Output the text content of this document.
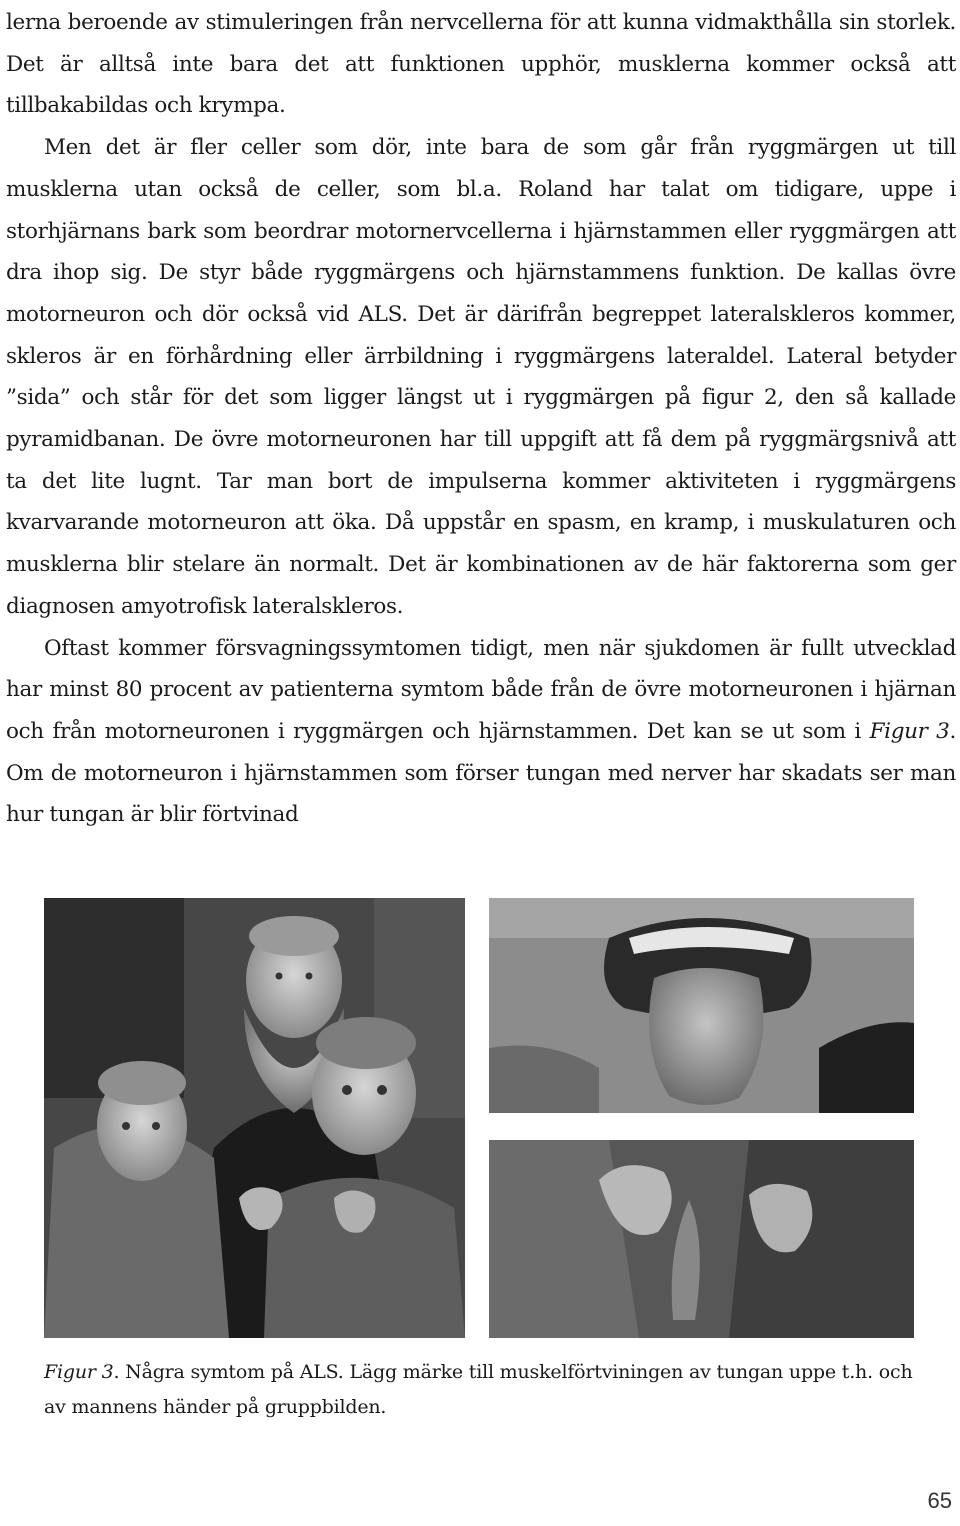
lerna beroende av stimuleringen från nervcellerna för att kunna vidmakthålla sin storlek. Det är alltså inte bara det att funktionen upphör, musklerna kommer också att tillbakabildas och krympa.

Men det är fler celler som dör, inte bara de som går från ryggmärgen ut till musklerna utan också de celler, som bl.a. Roland har talat om tidigare, uppe i storhjärnans bark som beordrar motornervcellerna i hjärnstammen eller ryggmärgen att dra ihop sig. De styr både ryggmärgens och hjärnstammens funktion. De kallas övre motorneuron och dör också vid ALS. Det är därifrån begreppet lateralskleros kommer, skleros är en förhårdning eller ärrbildning i ryggmärgens lateraldel. Lateral betyder ”sida” och står för det som ligger längst ut i ryggmärgen på figur 2, den så kallade pyramidbanan. De övre motorneuronen har till uppgift att få dem på ryggmärgsnivå att ta det lite lugnt. Tar man bort de impulserna kommer aktiviteten i ryggmärgens kvarvarande motorneuron att öka. Då uppstår en spasm, en kramp, i muskulaturen och musklerna blir stelare än normalt. Det är kombinationen av de här faktorerna som ger diagnosen amyotrofisk lateralskleros.

Oftast kommer försvagningssymtomen tidigt, men när sjukdomen är fullt utvecklad har minst 80 procent av patienterna symtom både från de övre motorneuronen i hjärnan och från motorneuronen i ryggmärgen och hjärnstammen. Det kan se ut som i Figur 3. Om de motorneuron i hjärnstammen som förser tungan med nerver har skadats ser man hur tungan är blir förtvinad

Figur 3. Några symtom på ALS. Lägg märke till muskelförtviningen av tungan uppe t.h. och av mannens händer på gruppbilden.
65
